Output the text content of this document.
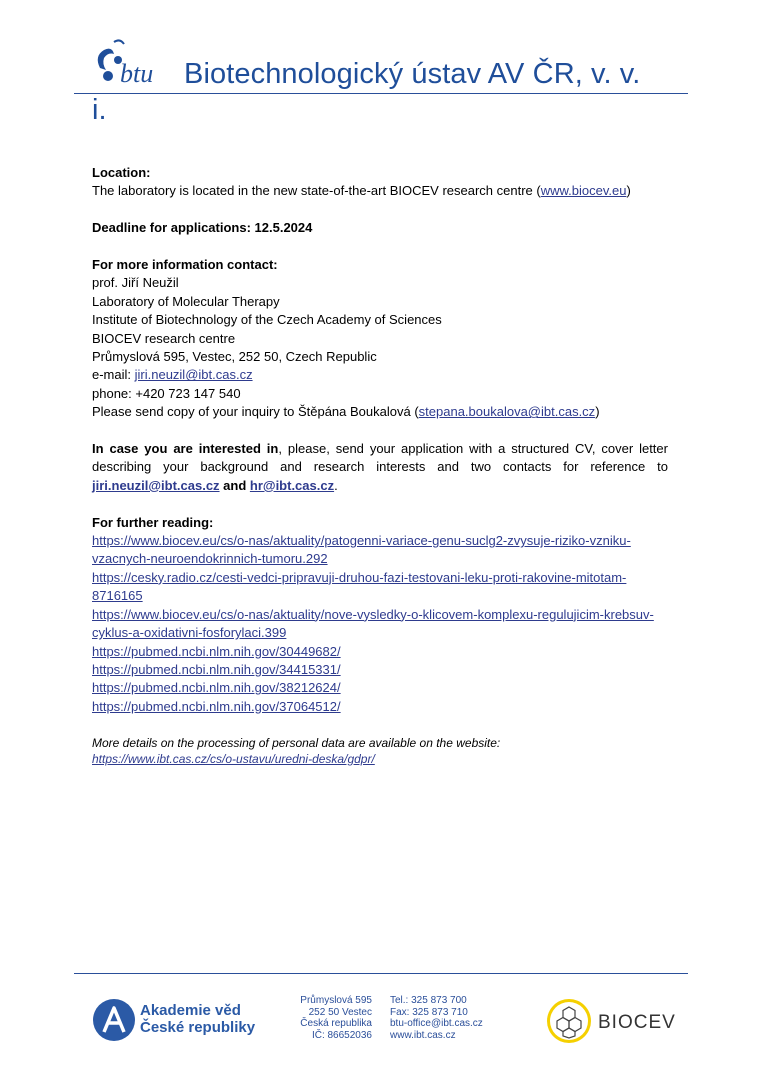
btu Biotechnologický ústav AV ČR, v. v.
i.

Location:

The laboratory is located in the new state-of-the-art BIOCEV research centre (www.biocev.eu)

Deadline for applications: 12.5.2024

For more information contact:

prof. Jiří Neužil

Laboratory of Molecular Therapy

Institute of Biotechnology of the Czech Academy of Sciences

BIOCEV research centre

Průmyslová 595, Vestec, 252 50, Czech Republic

e-mail: jiri.neuzil@ibt.cas.cz

phone: +420 723 147 540

Please send copy of your inquiry to Štěpána Boukalová (stepana.boukalova@ibt.cas.cz)

In case you are interested in, please, send your application with a structured CV, cover letter describing your background and research interests and two contacts for reference to jiri.neuzil@ibt.cas.cz and hr@ibt.cas.cz.

For further reading:

https://www.biocev.eu/cs/o-nas/aktuality/patogenni-variace-genu-suclg2-zvysuje-riziko-vzniku-

vzacnych-neuroendokrinnich-tumoru.292

https://cesky.radio.cz/cesti-vedci-pripravuji-druhou-fazi-testovani-leku-proti-rakovine-mitotam-

8716165

https://www.biocev.eu/cs/o-nas/aktuality/nove-vysledky-o-klicovem-komplexu-regulujicim-krebsuv-

cyklus-a-oxidativni-fosforylaci.399

https://pubmed.ncbi.nlm.nih.gov/30449682/

https://pubmed.ncbi.nlm.nih.gov/34415331/

https://pubmed.ncbi.nlm.nih.gov/38212624/

https://pubmed.ncbi.nlm.nih.gov/37064512/

More details on the processing of personal data are available on the website:

https://www.ibt.cas.cz/cs/o-ustavu/uredni-deska/gdpr/

Akademie věd
České republiky
Průmyslová 595
252 50 Vestec
Česká republika
IČ: 86652036
Tel.: 325 873 700
Fax: 325 873 710
btu-office@ibt.cas.cz
www.ibt.cas.cz
BIOCEV
